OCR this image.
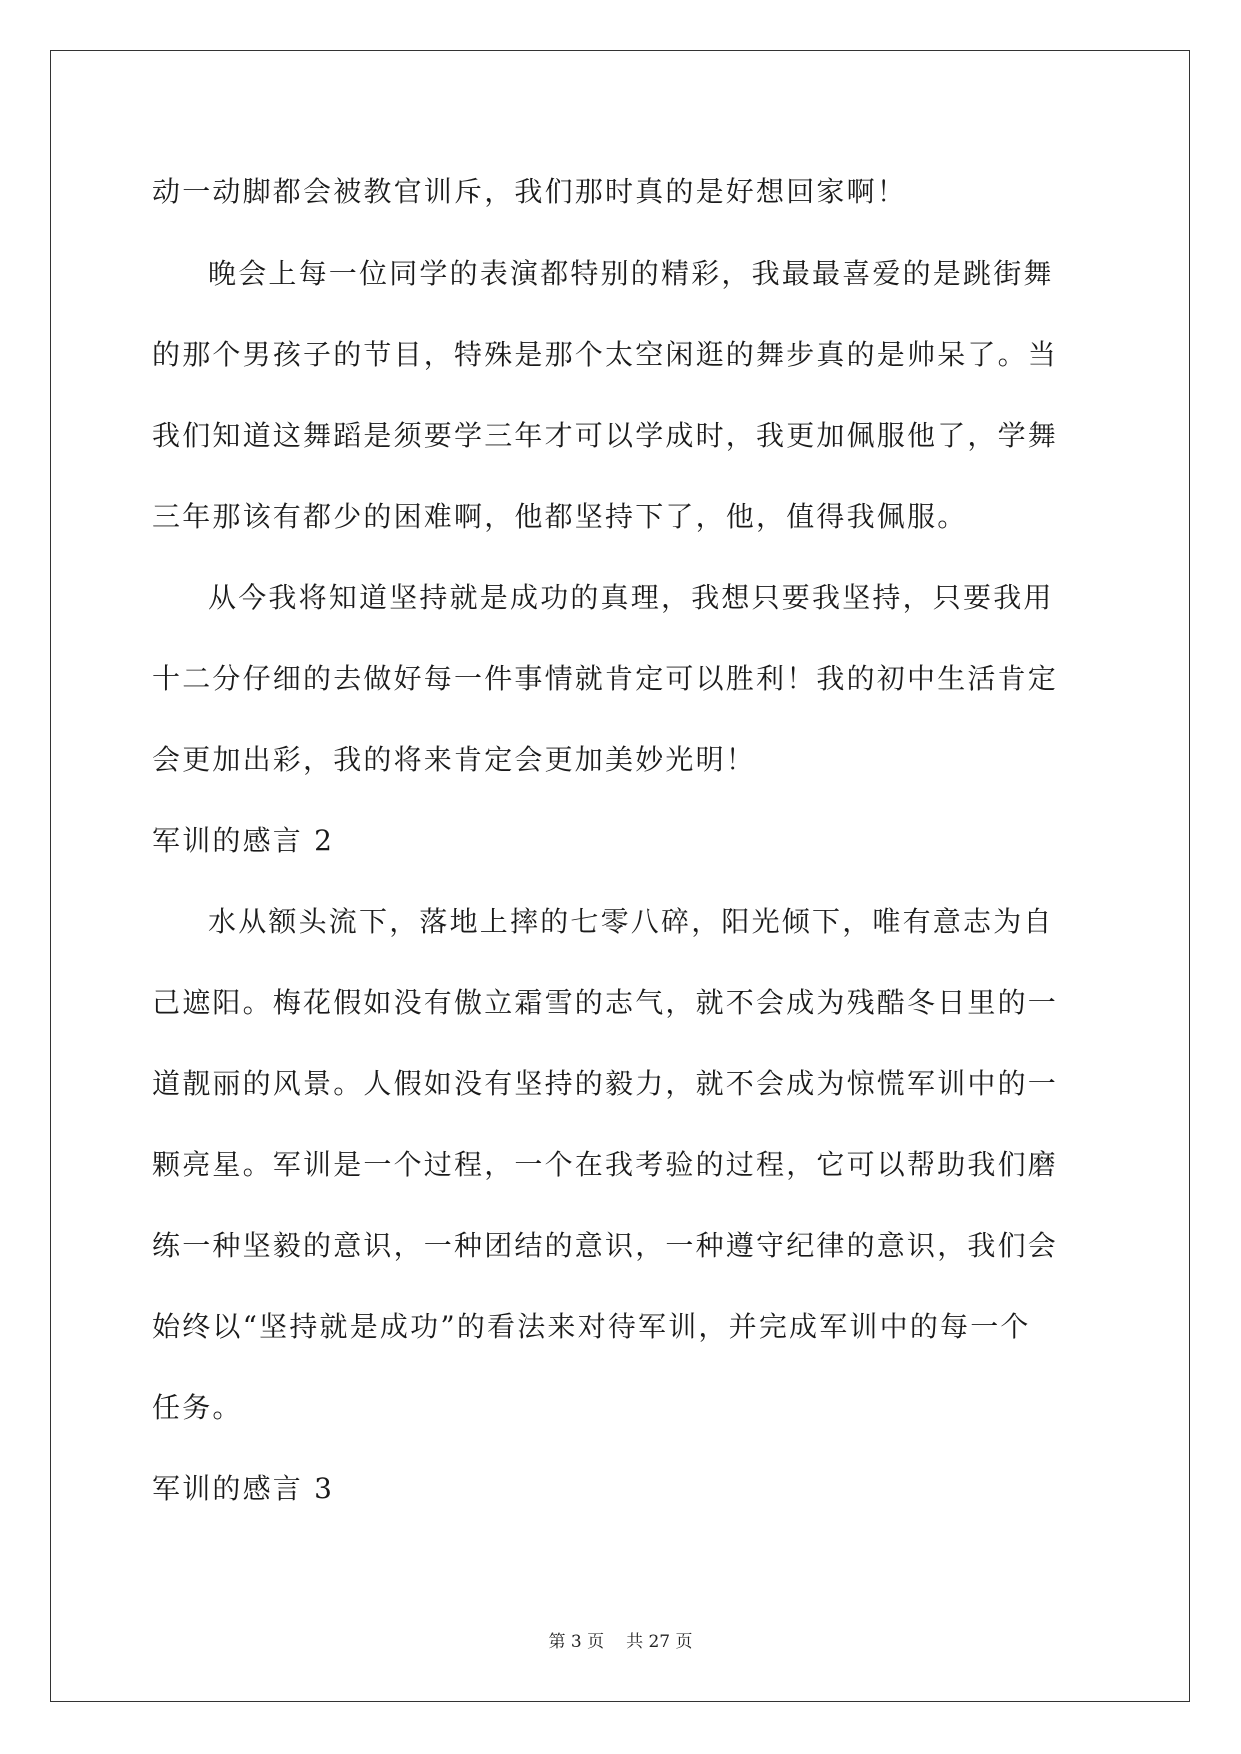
动一动脚都会被教官训斥，我们那时真的是好想回家啊！
晚会上每一位同学的表演都特别的精彩，我最最喜爱的是跳街舞
的那个男孩子的节目，特殊是那个太空闲逛的舞步真的是帅呆了。当
我们知道这舞蹈是须要学三年才可以学成时，我更加佩服他了，学舞
三年那该有都少的困难啊，他都坚持下了，他，值得我佩服。
从今我将知道坚持就是成功的真理，我想只要我坚持，只要我用
十二分仔细的去做好每一件事情就肯定可以胜利！我的初中生活肯定
会更加出彩，我的将来肯定会更加美妙光明！
军训的感言 2
水从额头流下，落地上摔的七零八碎，阳光倾下，唯有意志为自
己遮阳。梅花假如没有傲立霜雪的志气，就不会成为残酷冬日里的一
道靓丽的风景。人假如没有坚持的毅力，就不会成为惊慌军训中的一
颗亮星。军训是一个过程，一个在我考验的过程，它可以帮助我们磨
练一种坚毅的意识，一种团结的意识，一种遵守纪律的意识，我们会
始终以“坚持就是成功”的看法来对待军训，并完成军训中的每一个
任务。
军训的感言 3
第 3 页 共 27 页
